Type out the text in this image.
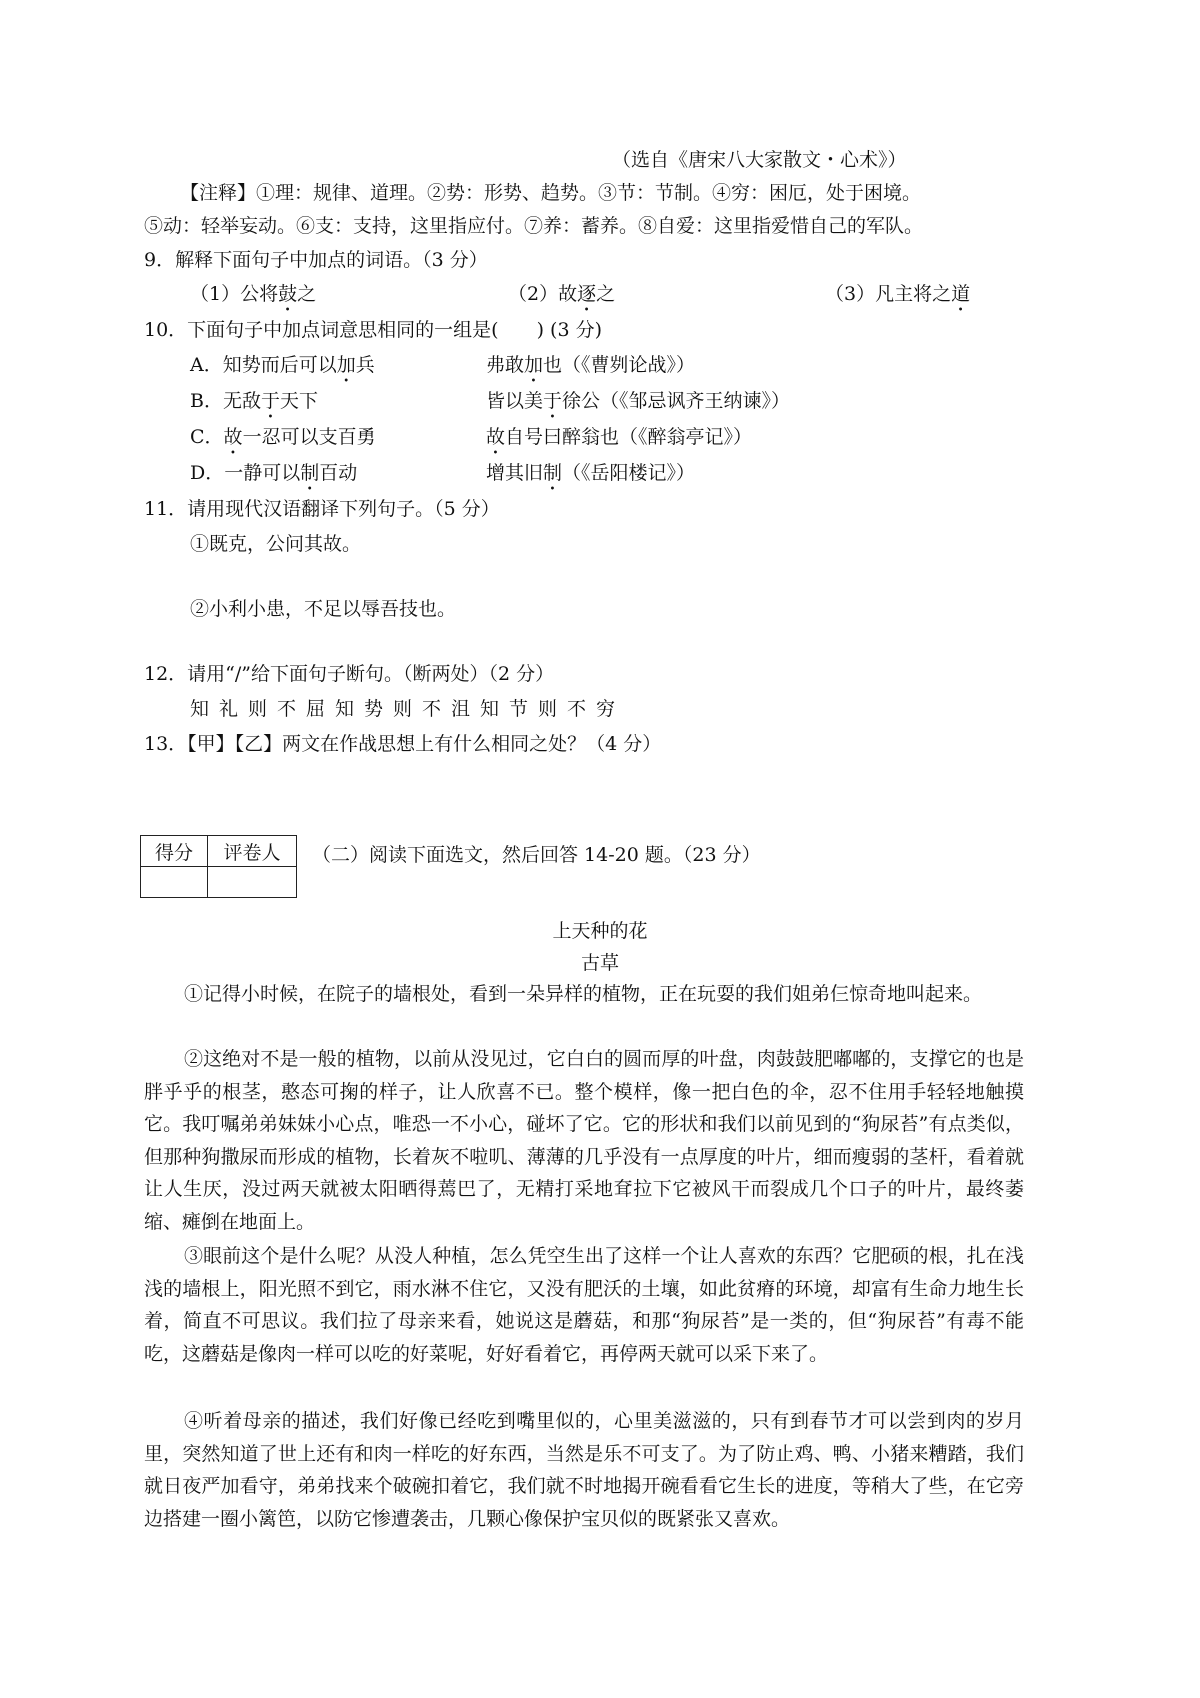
（选自《唐宋八大家散文・心术》）
【注释】①理：规律、道理。②势：形势、趋势。③节：节制。④穷：困厄，处于困境。
⑤动：轻举妄动。⑥支：支持，这里指应付。⑦养：蓄养。⑧自爱：这里指爱惜自己的军队。
9．解释下面句子中加点的词语。（3 分）
（1）公将鼓之	（2）故逐之	（3）凡主将之道
10．下面句子中加点词意思相同的一组是(　　) (3 分)
A．知势而后可以加兵	弗敢加也（《曹刿论战》）
B．无敌于天下	皆以美于徐公（《邹忌讽齐王纳谏》）
C．故一忍可以支百勇	故自号曰醉翁也（《醉翁亭记》）
D．一静可以制百动	增其旧制（《岳阳楼记》）
11．请用现代汉语翻译下列句子。（5 分）
①既克，公问其故。
②小利小患，不足以辱吾技也。
12．请用“/”给下面句子断句。（断两处）（2 分）
知礼则不屈知势则不沮知节则不穷
13．【甲】【乙】两文在作战思想上有什么相同之处？（4 分）
得分	评卷人
	（二）阅读下面选文，然后回答 14-20 题。（23 分）
上天种的花
古草
①记得小时候，在院子的墙根处，看到一朵异样的植物，正在玩耍的我们姐弟仨惊奇地叫起来。
②这绝对不是一般的植物，以前从没见过，它白白的圆而厚的叶盘，肉鼓鼓肥嘟嘟的，支撑它的也是胖乎乎的根茎，憨态可掬的样子，让人欣喜不已。整个模样，像一把白色的伞，忍不住用手轻轻地触摸它。我叮嘱弟弟妹妹小心点，唯恐一不小心，碰坏了它。它的形状和我们以前见到的“狗尿苔”有点类似，但那种狗撒尿而形成的植物，长着灰不啦叽、薄薄的几乎没有一点厚度的叶片，细而瘦弱的茎杆，看着就让人生厌，没过两天就被太阳晒得蔫巴了，无精打采地耷拉下它被风干而裂成几个口子的叶片，最终萎缩、瘫倒在地面上。
③眼前这个是什么呢？从没人种植，怎么凭空生出了这样一个让人喜欢的东西？它肥硕的根，扎在浅浅的墙根上，阳光照不到它，雨水淋不住它，又没有肥沃的土壤，如此贫瘠的环境，却富有生命力地生长着，简直不可思议。我们拉了母亲来看，她说这是蘑菇，和那“狗尿苔”是一类的，但“狗尿苔”有毒不能吃，这蘑菇是像肉一样可以吃的好菜呢，好好看着它，再停两天就可以采下来了。
④听着母亲的描述，我们好像已经吃到嘴里似的，心里美滋滋的，只有到春节才可以尝到肉的岁月里，突然知道了世上还有和肉一样吃的好东西，当然是乐不可支了。为了防止鸡、鸭、小猪来糟踏，我们就日夜严加看守，弟弟找来个破碗扣着它，我们就不时地揭开碗看看它生长的进度，等稍大了些，在它旁边搭建一圈小篱笆，以防它惨遭袭击，几颗心像保护宝贝似的既紧张又喜欢。
